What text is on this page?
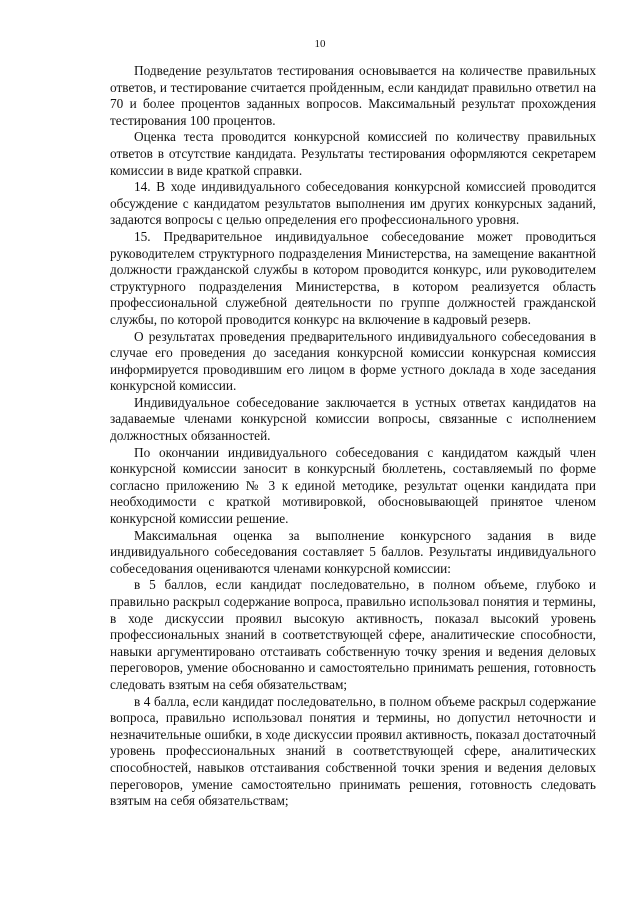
10

Подведение результатов тестирования основывается на количестве правильных ответов, и тестирование считается пройденным, если кандидат правильно ответил на 70 и более процентов заданных вопросов. Максимальный результат прохождения тестирования 100 процентов.

Оценка теста проводится конкурсной комиссией по количеству правильных ответов в отсутствие кандидата. Результаты тестирования оформляются секретарем комиссии в виде краткой справки.

14. В ходе индивидуального собеседования конкурсной комиссией проводится обсуждение с кандидатом результатов выполнения им других конкурсных заданий, задаются вопросы с целью определения его профессионального уровня.

15. Предварительное индивидуальное собеседование может проводиться руководителем структурного подразделения Министерства, на замещение вакантной должности гражданской службы в котором проводится конкурс, или руководителем структурного подразделения Министерства, в котором реализуется область профессиональной служебной деятельности по группе должностей гражданской службы, по которой проводится конкурс на включение в кадровый резерв.

О результатах проведения предварительного индивидуального собеседования в случае его проведения до заседания конкурсной комиссии конкурсная комиссия информируется проводившим его лицом в форме устного доклада в ходе заседания конкурсной комиссии.

Индивидуальное собеседование заключается в устных ответах кандидатов на задаваемые членами конкурсной комиссии вопросы, связанные с исполнением должностных обязанностей.

По окончании индивидуального собеседования с кандидатом каждый член конкурсной комиссии заносит в конкурсный бюллетень, составляемый по форме согласно приложению № 3 к единой методике, результат оценки кандидата при необходимости с краткой мотивировкой, обосновывающей принятое членом конкурсной комиссии решение.

Максимальная оценка за выполнение конкурсного задания в виде индивидуального собеседования составляет 5 баллов. Результаты индивидуального собеседования оцениваются членами конкурсной комиссии:

в 5 баллов, если кандидат последовательно, в полном объеме, глубоко и правильно раскрыл содержание вопроса, правильно использовал понятия и термины, в ходе дискуссии проявил высокую активность, показал высокий уровень профессиональных знаний в соответствующей сфере, аналитические способности, навыки аргументировано отстаивать собственную точку зрения и ведения деловых переговоров, умение обоснованно и самостоятельно принимать решения, готовность следовать взятым на себя обязательствам;

в 4 балла, если кандидат последовательно, в полном объеме раскрыл содержание вопроса, правильно использовал понятия и термины, но допустил неточности и незначительные ошибки, в ходе дискуссии проявил активность, показал достаточный уровень профессиональных знаний в соответствующей сфере, аналитических способностей, навыков отстаивания собственной точки зрения и ведения деловых переговоров, умение самостоятельно принимать решения, готовность следовать взятым на себя обязательствам;
